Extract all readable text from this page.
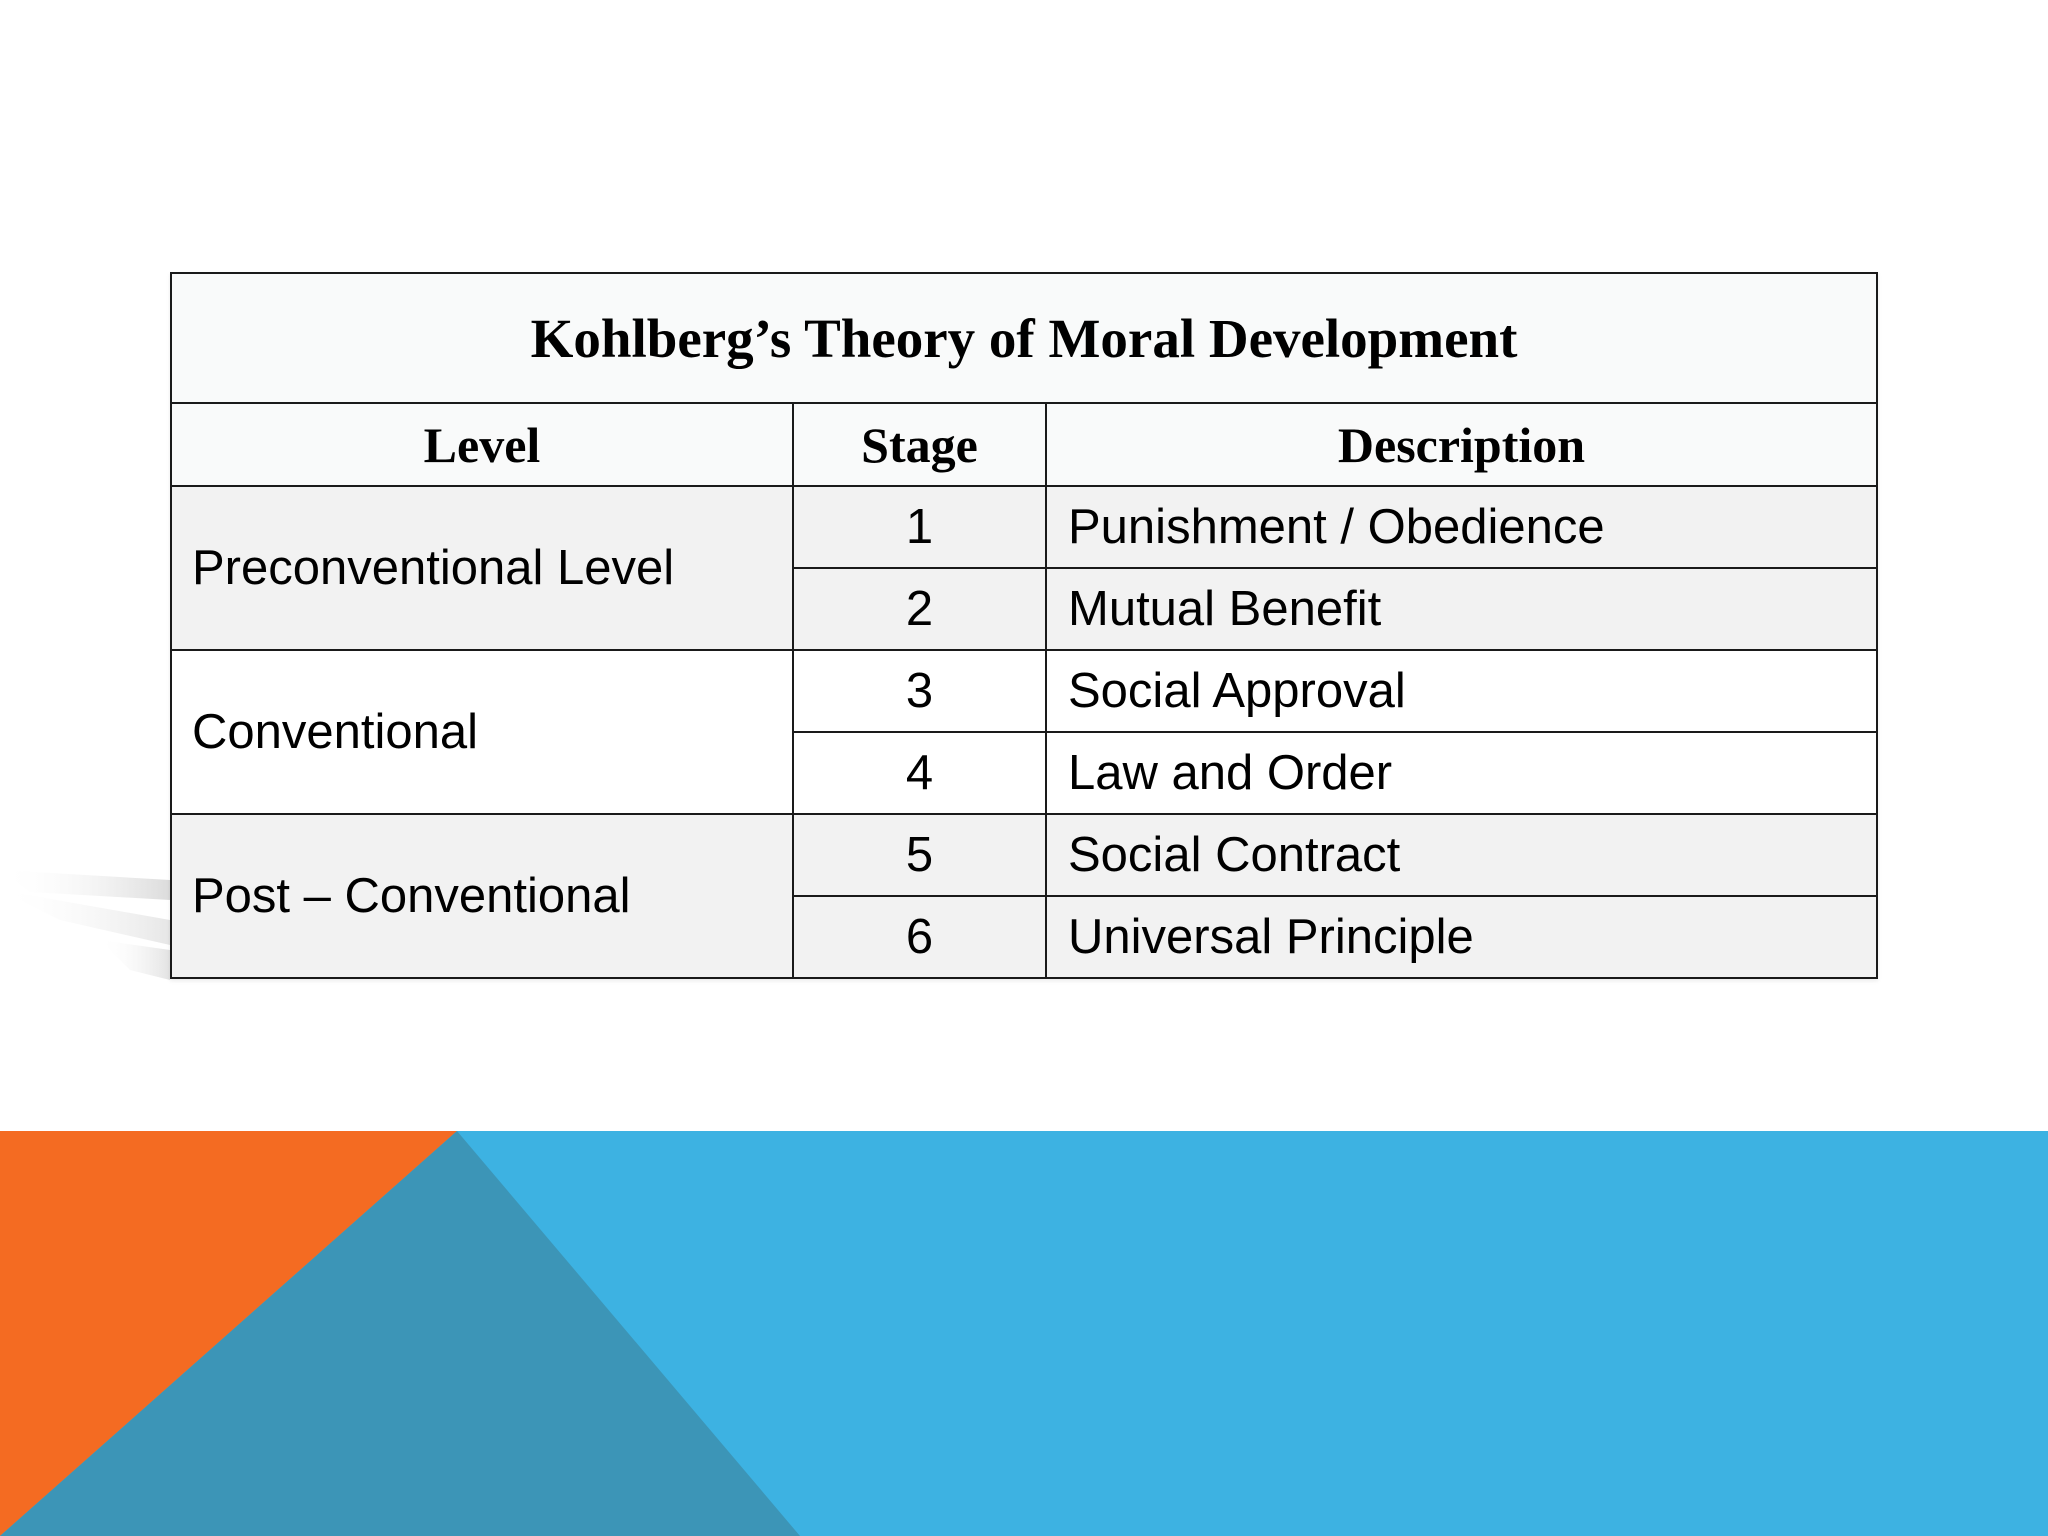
Kohlberg’s Theory of Moral Development		
Level	Stage	Description
Preconventional Level	1	Punishment / Obedience
	2	Mutual Benefit
Conventional	3	Social Approval
	4	Law and Order
Post – Conventional	5	Social Contract
	6	Universal Principle
